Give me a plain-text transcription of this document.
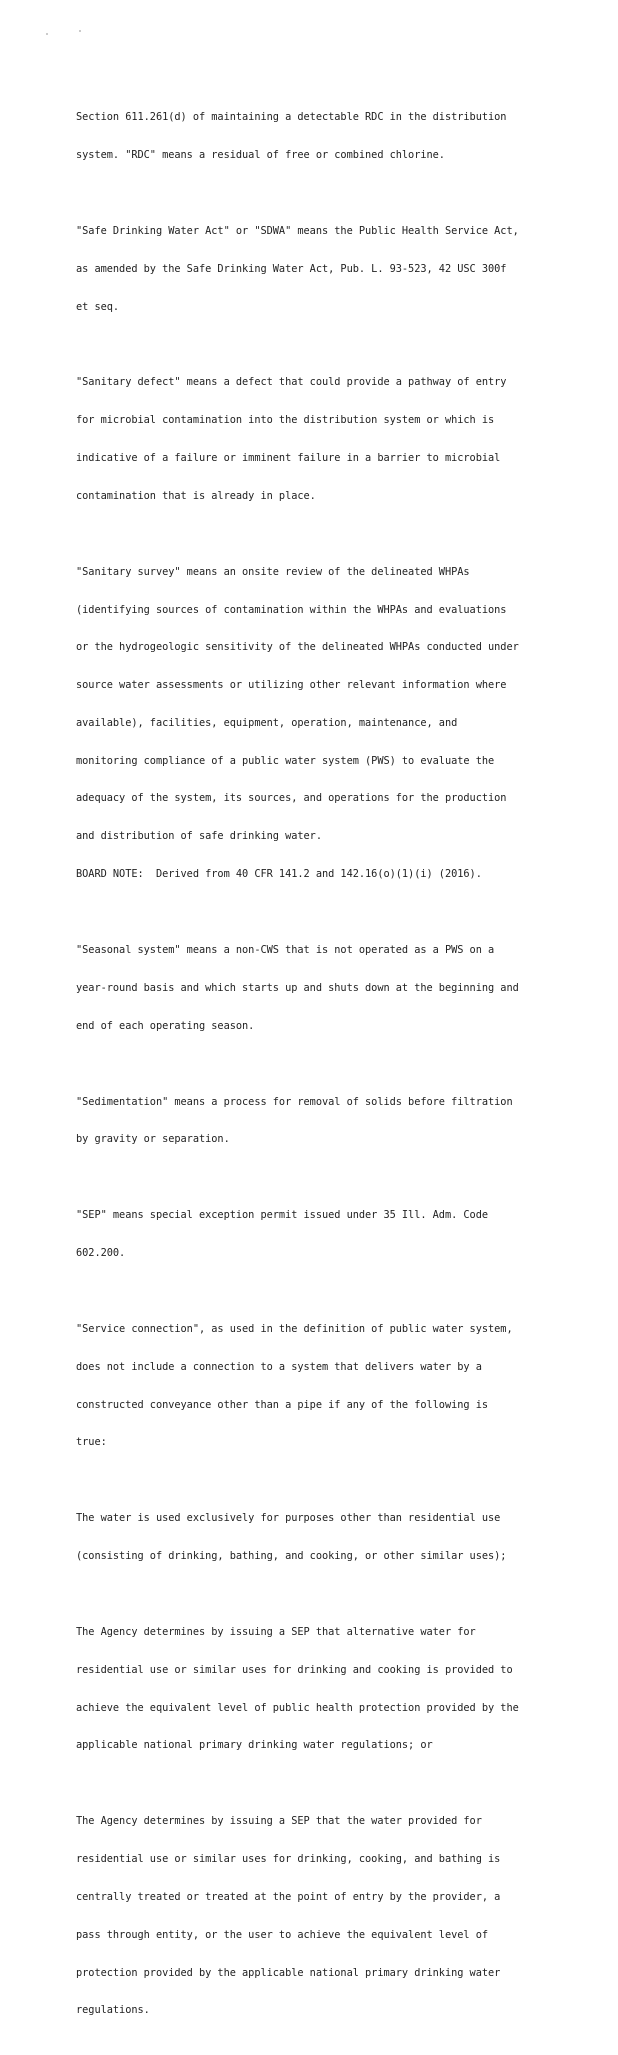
Section 611.261(d) of maintaining a detectable RDC in the distribution

system. "RDC" means a residual of free or combined chlorine.

"Safe Drinking Water Act" or "SDWA" means the Public Health Service Act,

as amended by the Safe Drinking Water Act, Pub. L. 93-523, 42 USC 300f

et seq.

"Sanitary defect" means a defect that could provide a pathway of entry

for microbial contamination into the distribution system or which is

indicative of a failure or imminent failure in a barrier to microbial

contamination that is already in place.

"Sanitary survey" means an onsite review of the delineated WHPAs

(identifying sources of contamination within the WHPAs and evaluations

or the hydrogeologic sensitivity of the delineated WHPAs conducted under

source water assessments or utilizing other relevant information where

available), facilities, equipment, operation, maintenance, and

monitoring compliance of a public water system (PWS) to evaluate the

adequacy of the system, its sources, and operations for the production

and distribution of safe drinking water.

BOARD NOTE:  Derived from 40 CFR 141.2 and 142.16(o)(1)(i) (2016).

"Seasonal system" means a non-CWS that is not operated as a PWS on a

year-round basis and which starts up and shuts down at the beginning and

end of each operating season.

"Sedimentation" means a process for removal of solids before filtration

by gravity or separation.

"SEP" means special exception permit issued under 35 Ill. Adm. Code

602.200.

"Service connection", as used in the definition of public water system,

does not include a connection to a system that delivers water by a

constructed conveyance other than a pipe if any of the following is

true:

The water is used exclusively for purposes other than residential use

(consisting of drinking, bathing, and cooking, or other similar uses);

The Agency determines by issuing a SEP that alternative water for

residential use or similar uses for drinking and cooking is provided to

achieve the equivalent level of public health protection provided by the

applicable national primary drinking water regulations; or

The Agency determines by issuing a SEP that the water provided for

residential use or similar uses for drinking, cooking, and bathing is

centrally treated or treated at the point of entry by the provider, a

pass through entity, or the user to achieve the equivalent level of

protection provided by the applicable national primary drinking water

regulations.
